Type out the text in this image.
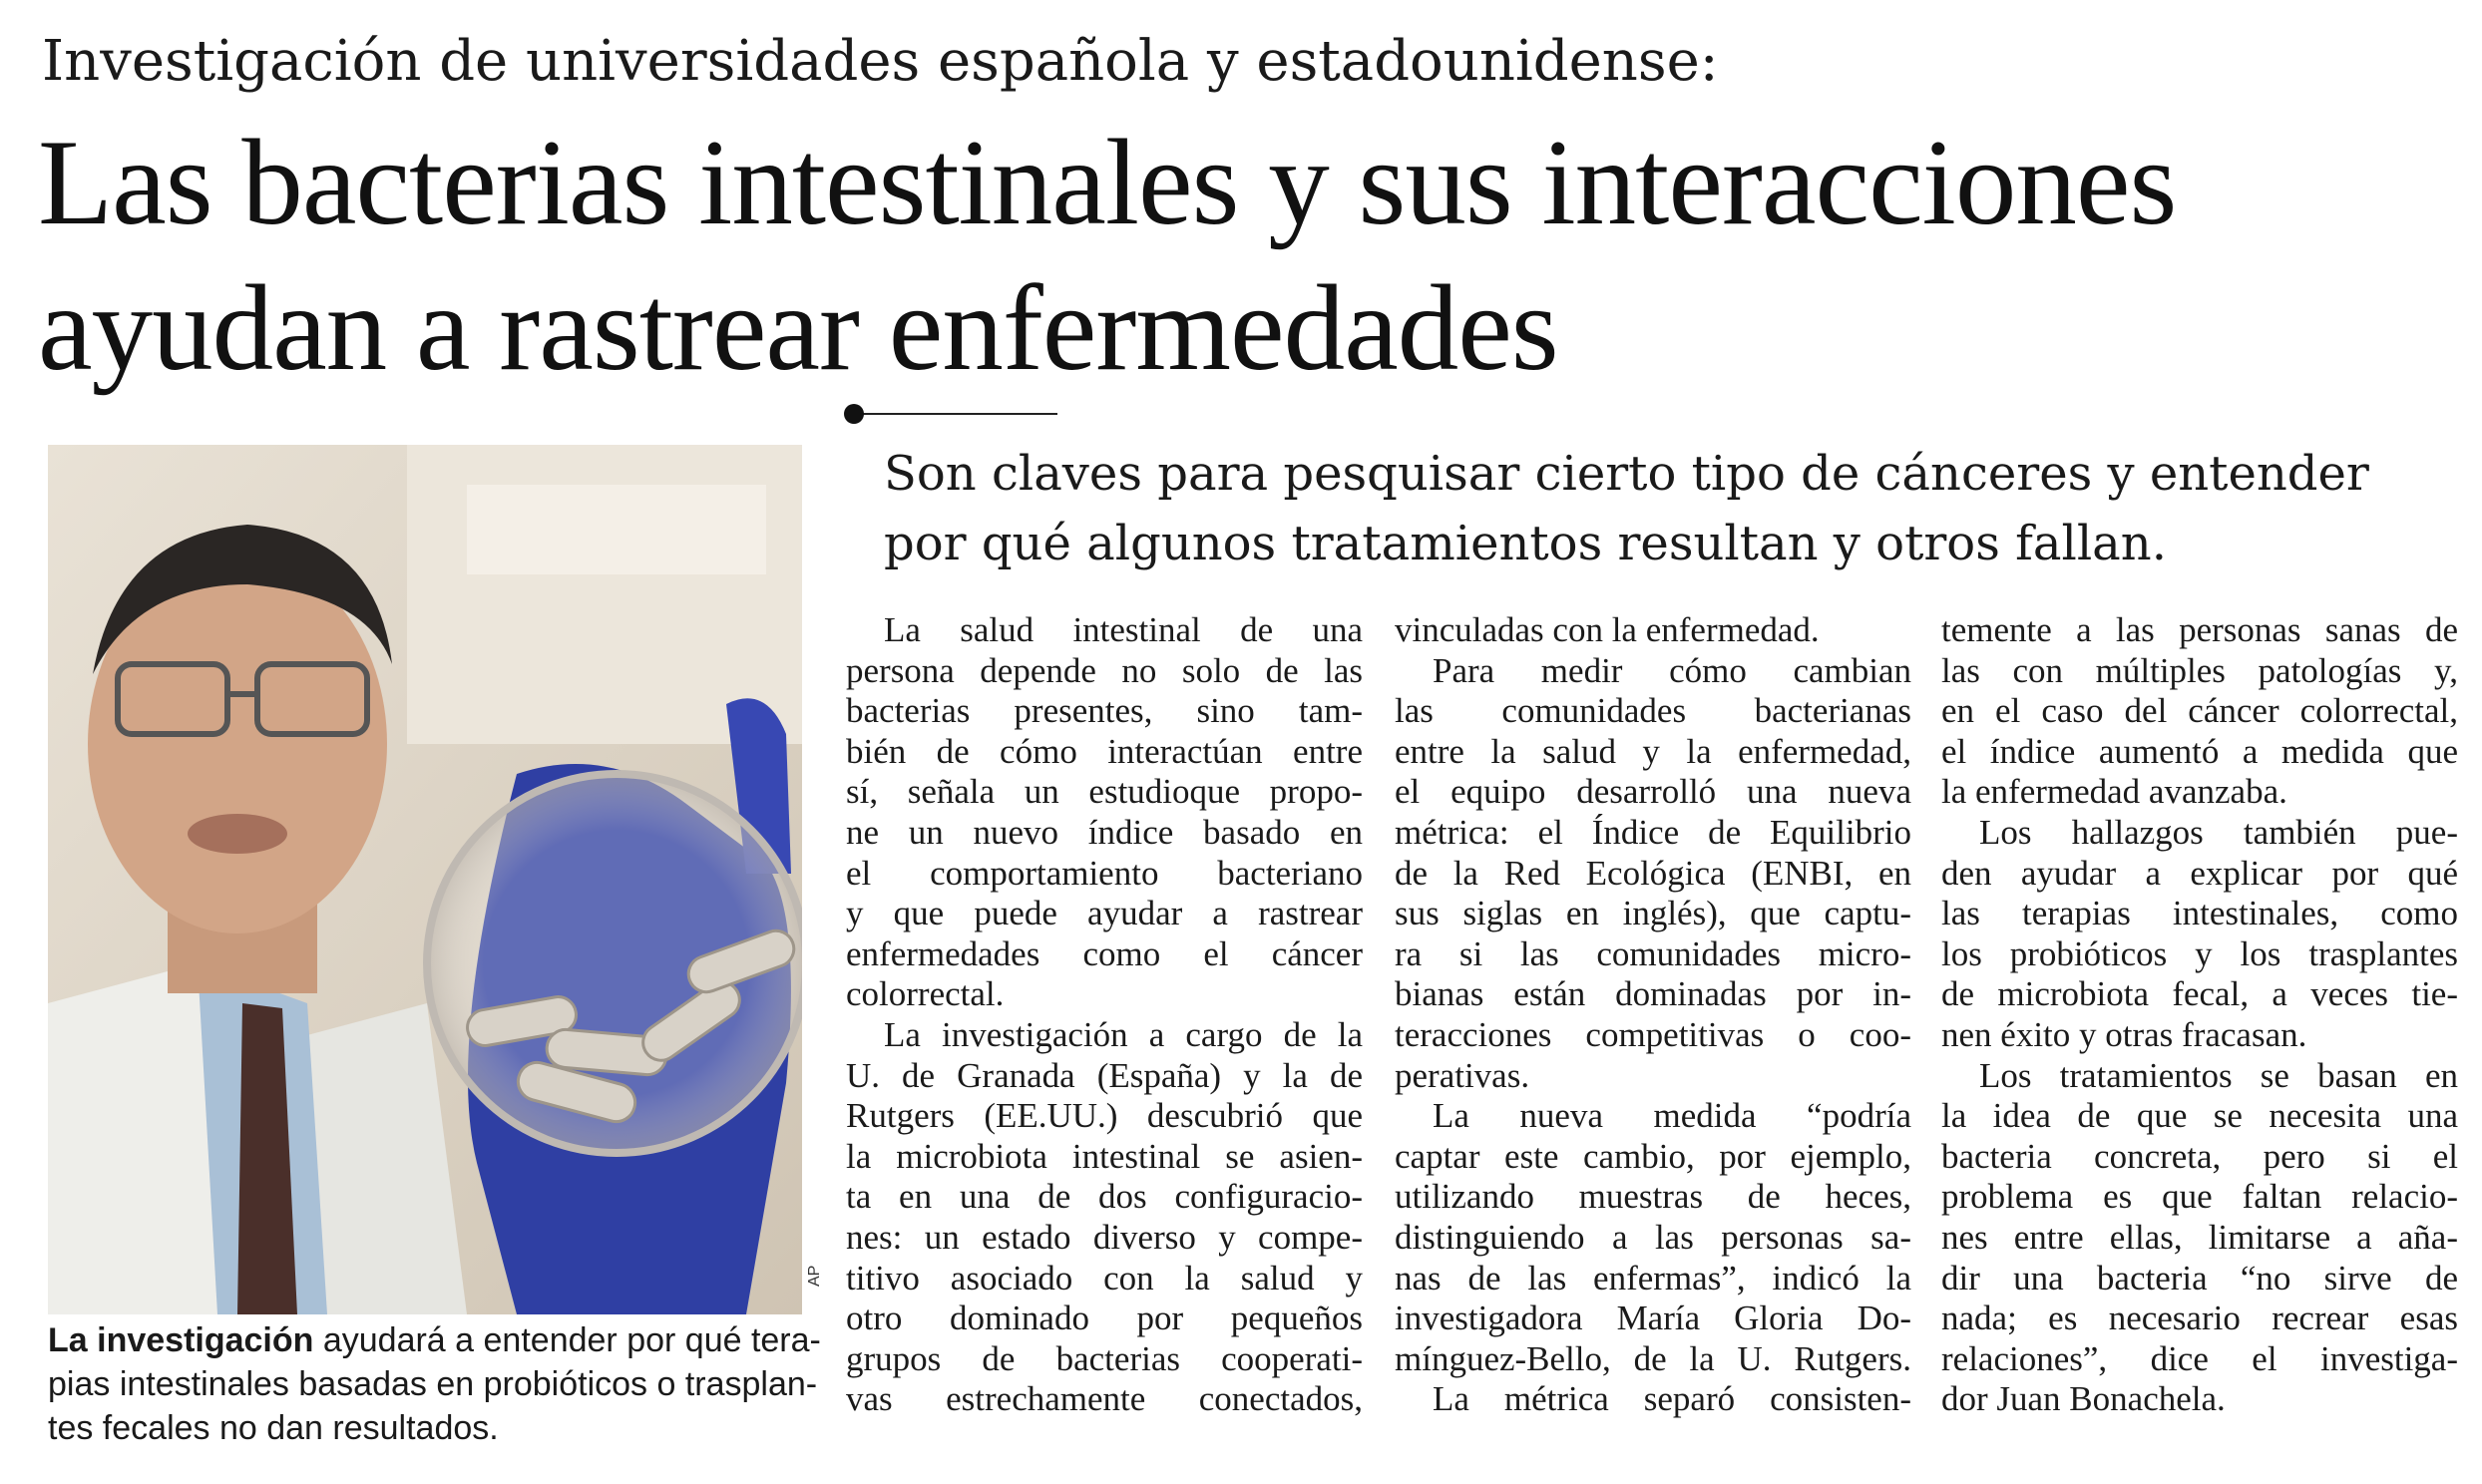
Investigación de universidades española y estadounidense:
Las bacterias intestinales y sus interacciones
ayudan a rastrear enfermedades
AP
La investigación ayudará a entender por qué tera-
pias intestinales basadas en probióticos o trasplan-
tes fecales no dan resultados.
Son claves para pesquisar cierto tipo de cánceres y entender
por qué algunos tratamientos resultan y otros fallan.
La salud intestinal de una
persona depende no solo de las
bacterias presentes, sino tam-
bién de cómo interactúan entre
sí, señala un estudioque propo-
ne un nuevo índice basado en
el comportamiento bacteriano
y que puede ayudar a rastrear
enfermedades como el cáncer
colorrectal.
La investigación a cargo de la
U. de Granada (España) y la de
Rutgers (EE.UU.) descubrió que
la microbiota intestinal se asien-
ta en una de dos configuracio-
nes: un estado diverso y compe-
titivo asociado con la salud y
otro dominado por pequeños
grupos de bacterias cooperati-
vas estrechamente conectados,
vinculadas con la enfermedad.
Para medir cómo cambian
las comunidades bacterianas
entre la salud y la enfermedad,
el equipo desarrolló una nueva
métrica: el Índice de Equilibrio
de la Red Ecológica (ENBI, en
sus siglas en inglés), que captu-
ra si las comunidades micro-
bianas están dominadas por in-
teracciones competitivas o coo-
perativas.
La nueva medida “podría
captar este cambio, por ejemplo,
utilizando muestras de heces,
distinguiendo a las personas sa-
nas de las enfermas”, indicó la
investigadora María Gloria Do-
mínguez-Bello, de la U. Rutgers.
La métrica separó consisten-
temente a las personas sanas de
las con múltiples patologías y,
en el caso del cáncer colorrectal,
el índice aumentó a medida que
la enfermedad avanzaba.
Los hallazgos también pue-
den ayudar a explicar por qué
las terapias intestinales, como
los probióticos y los trasplantes
de microbiota fecal, a veces tie-
nen éxito y otras fracasan.
Los tratamientos se basan en
la idea de que se necesita una
bacteria concreta, pero si el
problema es que faltan relacio-
nes entre ellas, limitarse a aña-
dir una bacteria “no sirve de
nada; es necesario recrear esas
relaciones”, dice el investiga-
dor Juan Bonachela.
